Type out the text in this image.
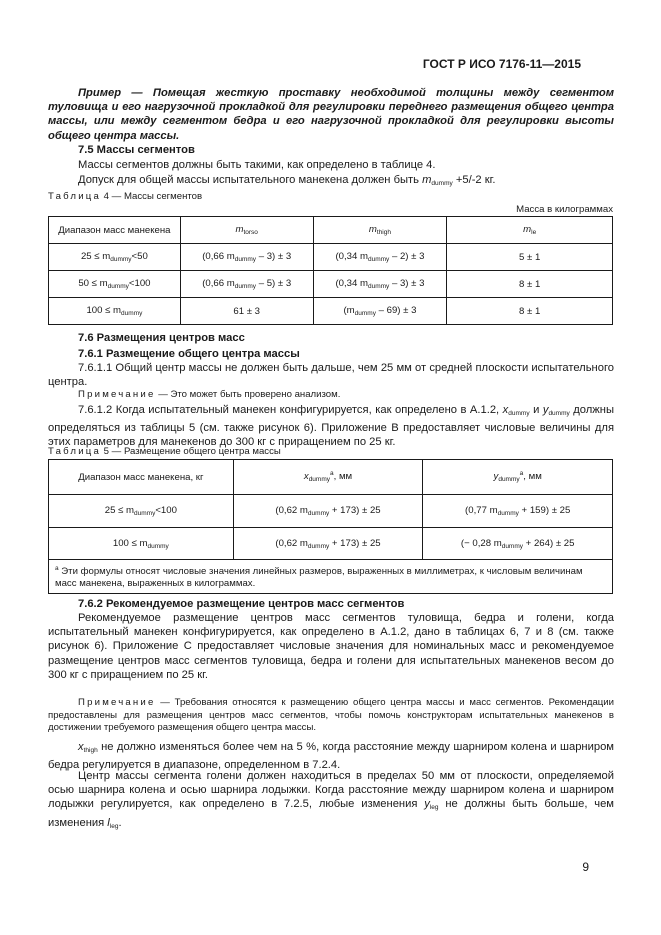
ГОСТ Р ИСО 7176-11—2015
Пример — Помещая жесткую проставку необходимой толщины между сегментом туловища и его нагрузочной прокладкой для регулировки переднего размещения общего центра массы, или между сегментом бедра и его нагрузочной прокладкой для регулировки высоты общего центра массы.
7.5 Массы сегментов
Массы сегментов должны быть такими, как определено в таблице 4.
Допуск для общей массы испытательного манекена должен быть $m_{dummy} +5/-2$ кг.
Таблица 4 — Массы сегментов
Масса в килограммах
Диапазон масс манекена	$m_{torso}$	$m_{thigh}$	$m_{le}$
$25 \le m_{dummy}<50$	(0,66 $m_{dummy} - 3) \pm 3$	(0,34 $m_{dummy} - 2) \pm 3$	5 ± 1
$50 \le m_{dummy}<100$	(0,66 $m_{dummy} - 5) \pm 3$	(0,34 $m_{dummy} - 3) \pm 3$	8 ± 1
$100 \le m_{dummy}$	61 ± 3	$(m_{dummy} - 69) \pm 3$	8 ± 1
7.6 Размещения центров масс
7.6.1 Размещение общего центра массы
7.6.1.1 Общий центр массы не должен быть дальше, чем 25 мм от средней плоскости испытательного центра.
Примечание — Это может быть проверено анализом.
7.6.1.2 Когда испытательный манекен конфигурируется, как определено в А.1.2, $x_{dummy}$ и $y_{dummy}$ должны определяться из таблицы 5 (см. также рисунок 6). Приложение В предоставляет числовые величины для этих параметров для манекенов до 300 кг с приращением по 25 кг.
Таблица 5 — Размещение общего центра массы
Диапазон масс манекена, кг	$x_{dummy}^a$, мм	$y_{dummy}^a$, мм
$25 \le m_{dummy}<100$	(0,62 $m_{dummy} + 173) \pm 25$	(0,77 $m_{dummy} + 159) \pm 25$
$100 \le m_{dummy}$	(0,62 $m_{dummy} + 173) \pm 25$	(− 0,28 $m_{dummy} + 264) \pm 25$
$^a$ Эти формулы относят числовые значения линейных размеров, выраженных в миллиметрах, к числовым величинам масс манекена, выраженных в килограммах.		
7.6.2 Рекомендуемое размещение центров масс сегментов
Рекомендуемое размещение центров масс сегментов туловища, бедра и голени, когда испытательный манекен конфигурируется, как определено в А.1.2, дано в таблицах 6, 7 и 8 (см. также рисунок 6). Приложение С предоставляет числовые значения для номинальных масс и рекомендуемое размещение центров масс сегментов туловища, бедра и голени для испытательных манекенов весом до 300 кг с приращением по 25 кг.
Примечание — Требования относятся к размещению общего центра массы и масс сегментов. Рекомендации предоставлены для размещения центров масс сегментов, чтобы помочь конструкторам испытательных манекенов в достижении требуемого размещения общего центра массы.
$x_{thigh}$ не должно изменяться более чем на 5 %, когда расстояние между шарниром колена и шарниром бедра регулируется в диапазоне, определенном в 7.2.4.
Центр массы сегмента голени должен находиться в пределах 50 мм от плоскости, определяемой осью шарнира колена и осью шарнира лодыжки. Когда расстояние между шарниром колена и шарниром лодыжки регулируется, как определено в 7.2.5, любые изменения $y_{leg}$ не должны быть больше, чем изменения $l_{leg}$.
9
